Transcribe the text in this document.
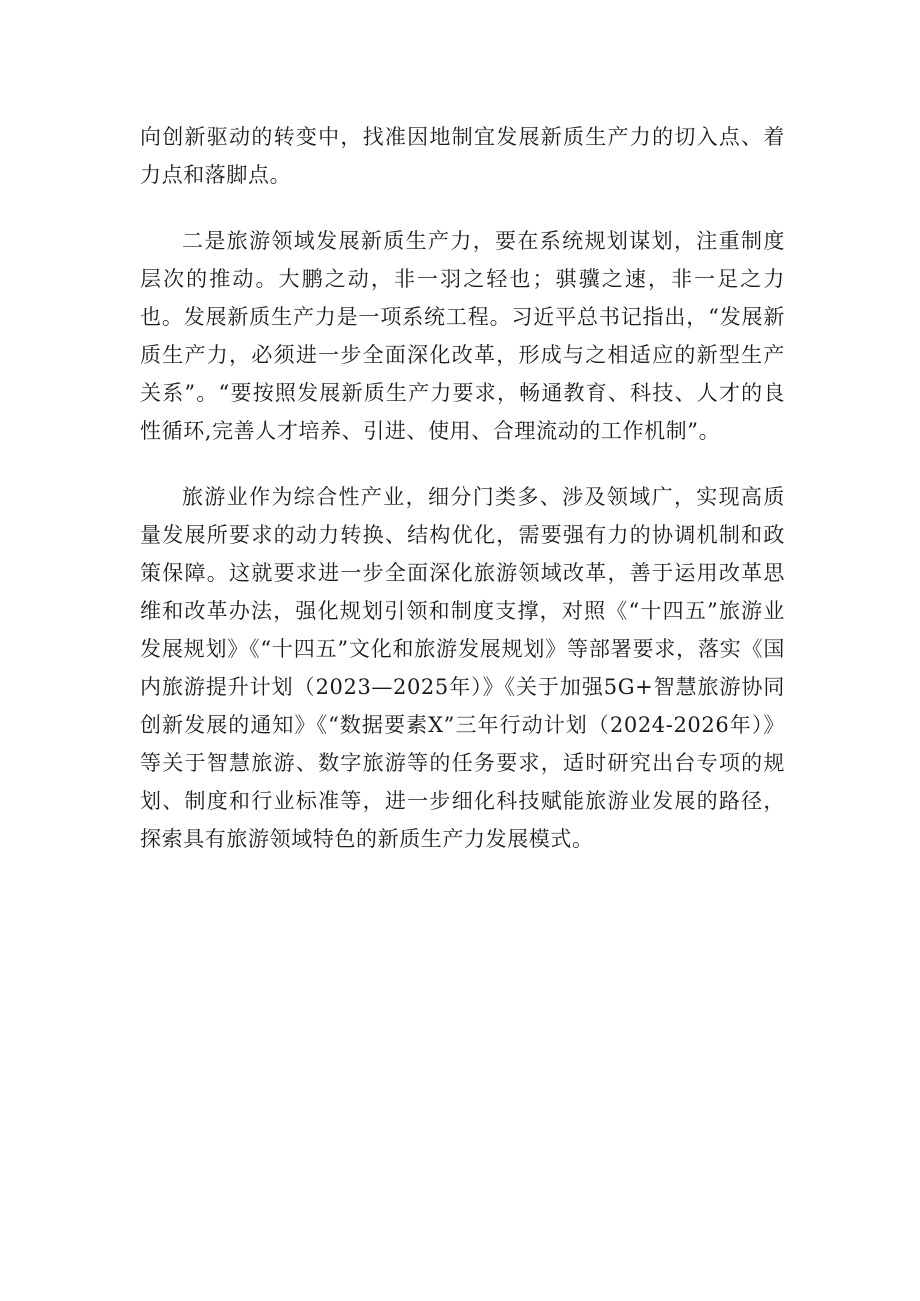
向创新驱动的转变中，找准因地制宜发展新质生产力的切入点、着力点和落脚点。

二是旅游领域发展新质生产力，要在系统规划谋划，注重制度层次的推动。大鹏之动，非一羽之轻也；骐骥之速，非一足之力也。发展新质生产力是一项系统工程。习近平总书记指出，“发展新质生产力，必须进一步全面深化改革，形成与之相适应的新型生产关系”。“要按照发展新质生产力要求，畅通教育、科技、人才的良性循环,完善人才培养、引进、使用、合理流动的工作机制”。

旅游业作为综合性产业，细分门类多、涉及领域广，实现高质量发展所要求的动力转换、结构优化，需要强有力的协调机制和政策保障。这就要求进一步全面深化旅游领域改革，善于运用改革思维和改革办法，强化规划引领和制度支撑，对照《“十四五”旅游业发展规划》《“十四五”文化和旅游发展规划》等部署要求，落实《国内旅游提升计划（2023—2025年）》《关于加强5G+智慧旅游协同创新发展的通知》《“数据要素X”三年行动计划（2024-2026年）》等关于智慧旅游、数字旅游等的任务要求，适时研究出台专项的规划、制度和行业标准等，进一步细化科技赋能旅游业发展的路径，探索具有旅游领域特色的新质生产力发展模式。
